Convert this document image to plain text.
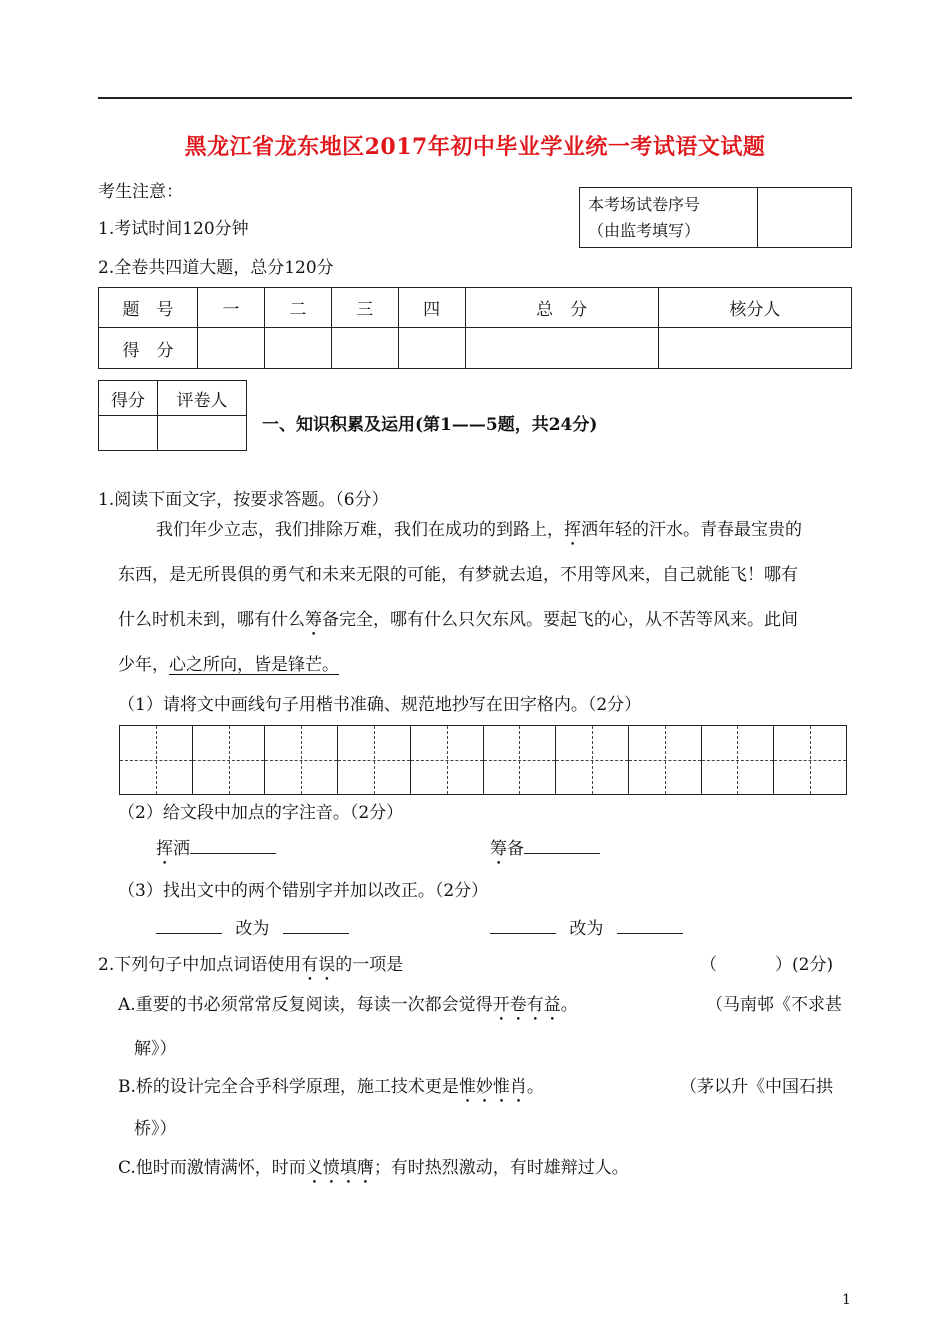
黑龙江省龙东地区2017年初中毕业学业统一考试语文试题
考生注意：
1.考试时间120分钟
2.全卷共四道大题，总分120分
本考场试卷序号
（由监考填写）

题　号	一	二	三	四	总　分	核分人
得　分						
得分	评卷人

一、知识积累及运用(第1——5题，共24分)
1.阅读下面文字，按要求答题。（6分）
我们年少立志，我们排除万难，我们在成功的到路上，挥洒年轻的汗水。青春最宝贵的
东西，是无所畏俱的勇气和未来无限的可能，有梦就去追，不用等风来，自己就能飞！哪有
什么时机未到，哪有什么筹备完全，哪有什么只欠东风。要起飞的心，从不苦等风来。此间
少年，心之所向，皆是锋芒。
（1）请将文中画线句子用楷书准确、规范地抄写在田字格内。（2分）
（2）给文段中加点的字注音。（2分）
挥洒	筹备
（3）找出文中的两个错别字并加以改正。（2分）
改为	改为
2.下列句子中加点词语使用有误的一项是	（	）(2分)
A.重要的书必须常常反复阅读，每读一次都会觉得开卷有益。	（马南邨《不求甚
解》）
B.桥的设计完全合乎科学原理，施工技术更是惟妙惟肖。	（茅以升《中国石拱
桥》）
C.他时而激情满怀，时而义愤填膺；有时热烈激动，有时雄辩过人。
1
